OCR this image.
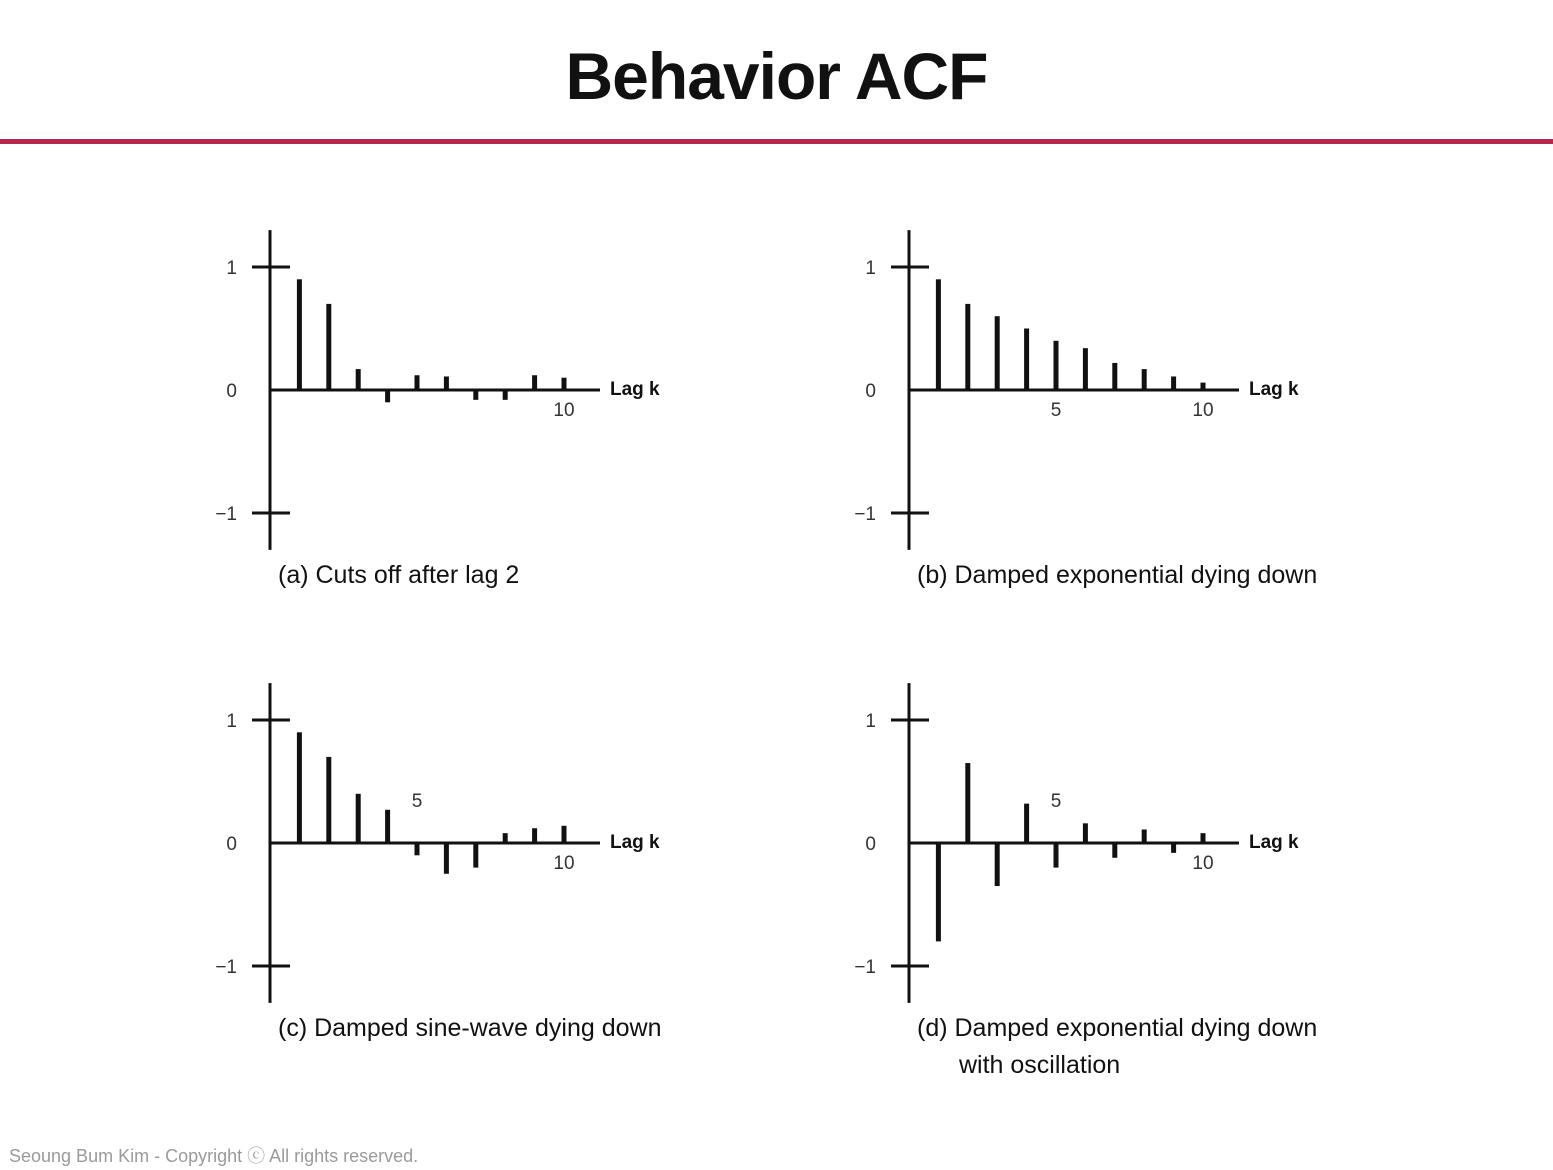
Behavior ACF
1
0
−1
10
Lag k
(a) Cuts off after lag 2
1
0
−1
5	10
Lag k
(b) Damped exponential dying down
1
0
−1
5
10
Lag k
(c) Damped sine-wave dying down
1
0
−1
5
10
Lag k
(d) Damped exponential dying down
with oscillation
Seoung Bum Kim - Copyright ⓒ All rights reserved.
